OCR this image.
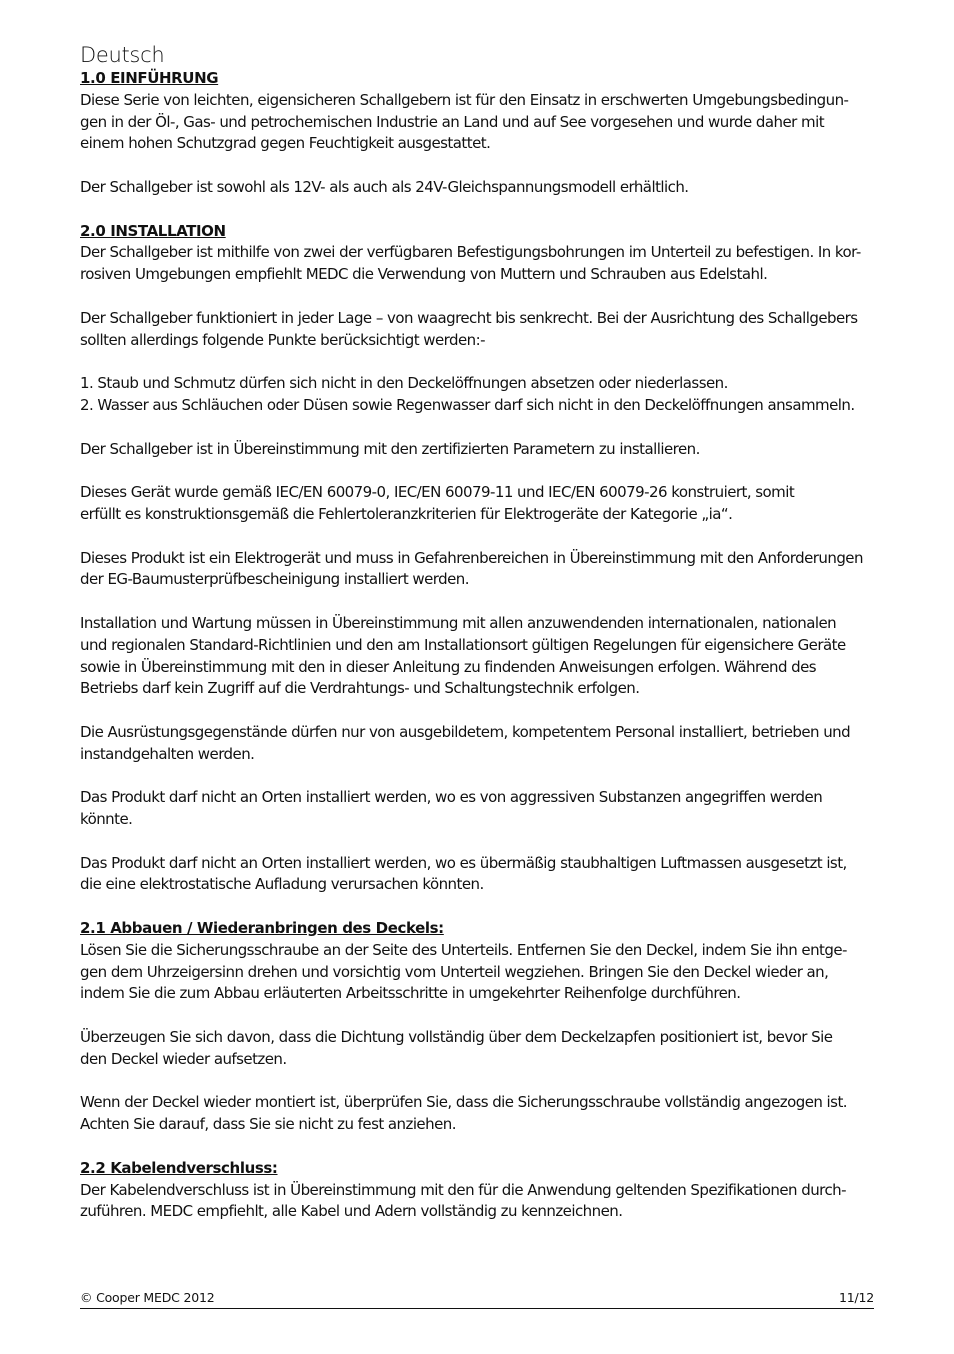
Deutsch
1.0 EINFÜHRUNG
Diese Serie von leichten, eigensicheren Schallgebern ist für den Einsatz in erschwerten Umgebungsbedingun-
gen in der Öl-, Gas- und petrochemischen Industrie an Land und auf See vorgesehen und wurde daher mit
einem hohen Schutzgrad gegen Feuchtigkeit ausgestattet.
Der Schallgeber ist sowohl als 12V- als auch als 24V-Gleichspannungsmodell erhältlich.
2.0 INSTALLATION
Der Schallgeber ist mithilfe von zwei der verfügbaren Befestigungsbohrungen im Unterteil zu befestigen. In kor-
rosiven Umgebungen empfiehlt MEDC die Verwendung von Muttern und Schrauben aus Edelstahl.
Der Schallgeber funktioniert in jeder Lage – von waagrecht bis senkrecht. Bei der Ausrichtung des Schallgebers
sollten allerdings folgende Punkte berücksichtigt werden:-
1. Staub und Schmutz dürfen sich nicht in den Deckelöffnungen absetzen oder niederlassen.
2. Wasser aus Schläuchen oder Düsen sowie Regenwasser darf sich nicht in den Deckelöffnungen ansammeln.
Der Schallgeber ist in Übereinstimmung mit den zertifizierten Parametern zu installieren.
Dieses Gerät wurde gemäß IEC/EN 60079-0, IEC/EN 60079-11 und IEC/EN 60079-26 konstruiert, somit
erfüllt es konstruktionsgemäß die Fehlertoleranzkriterien für Elektrogeräte der Kategorie „ia“.
Dieses Produkt ist ein Elektrogerät und muss in Gefahrenbereichen in Übereinstimmung mit den Anforderungen
der EG-Baumusterprüfbescheinigung installiert werden.
Installation und Wartung müssen in Übereinstimmung mit allen anzuwendenden internationalen, nationalen
und regionalen Standard-Richtlinien und den am Installationsort gültigen Regelungen für eigensichere Geräte
sowie in Übereinstimmung mit den in dieser Anleitung zu findenden Anweisungen erfolgen. Während des
Betriebs darf kein Zugriff auf die Verdrahtungs- und Schaltungstechnik erfolgen.
Die Ausrüstungsgegenstände dürfen nur von ausgebildetem, kompetentem Personal installiert, betrieben und
instandgehalten werden.
Das Produkt darf nicht an Orten installiert werden, wo es von aggressiven Substanzen angegriffen werden
könnte.
Das Produkt darf nicht an Orten installiert werden, wo es übermäßig staubhaltigen Luftmassen ausgesetzt ist,
die eine elektrostatische Aufladung verursachen könnten.
2.1 Abbauen / Wiederanbringen des Deckels:
Lösen Sie die Sicherungsschraube an der Seite des Unterteils. Entfernen Sie den Deckel, indem Sie ihn entge-
gen dem Uhrzeigersinn drehen und vorsichtig vom Unterteil wegziehen. Bringen Sie den Deckel wieder an,
indem Sie die zum Abbau erläuterten Arbeitsschritte in umgekehrter Reihenfolge durchführen.
Überzeugen Sie sich davon, dass die Dichtung vollständig über dem Deckelzapfen positioniert ist, bevor Sie
den Deckel wieder aufsetzen.
Wenn der Deckel wieder montiert ist, überprüfen Sie, dass die Sicherungsschraube vollständig angezogen ist.
Achten Sie darauf, dass Sie sie nicht zu fest anziehen.
2.2 Kabelendverschluss:
Der Kabelendverschluss ist in Übereinstimmung mit den für die Anwendung geltenden Spezifikationen durch-
zuführen. MEDC empfiehlt, alle Kabel und Adern vollständig zu kennzeichnen.
© Cooper MEDC 2012	11/12
